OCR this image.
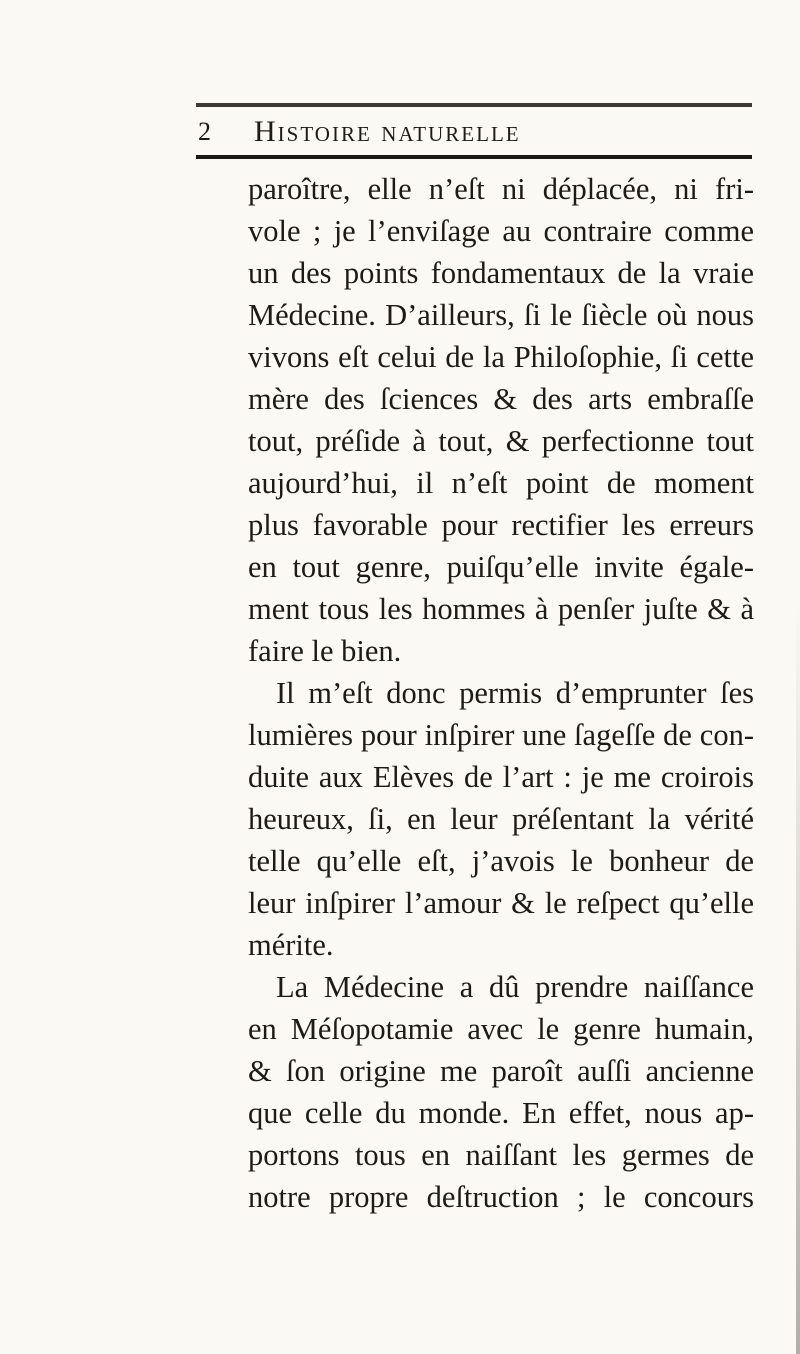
2 Histoire naturelle
paroître, elle n’eſt ni déplacée, ni fri-
vole ; je l’enviſage au contraire comme
un des points fondamentaux de la vraie
Médecine. D’ailleurs, ſi le ſiècle où nous
vivons eſt celui de la Philoſophie, ſi cette
mère des ſciences & des arts embraſſe
tout, préſide à tout, & perfectionne tout
aujourd’hui, il n’eſt point de moment
plus favorable pour rectifier les erreurs
en tout genre, puiſqu’elle invite égale-
ment tous les hommes à penſer juſte & à
faire le bien.
Il m’eſt donc permis d’emprunter ſes
lumières pour inſpirer une ſageſſe de con-
duite aux Elèves de l’art : je me croirois
heureux, ſi, en leur préſentant la vérité
telle qu’elle eſt, j’avois le bonheur de
leur inſpirer l’amour & le reſpect qu’elle
mérite.
La Médecine a dû prendre naiſſance
en Méſopotamie avec le genre humain,
& ſon origine me paroît auſſi ancienne
que celle du monde. En effet, nous ap-
portons tous en naiſſant les germes de
notre propre deſtruction ; le concours
